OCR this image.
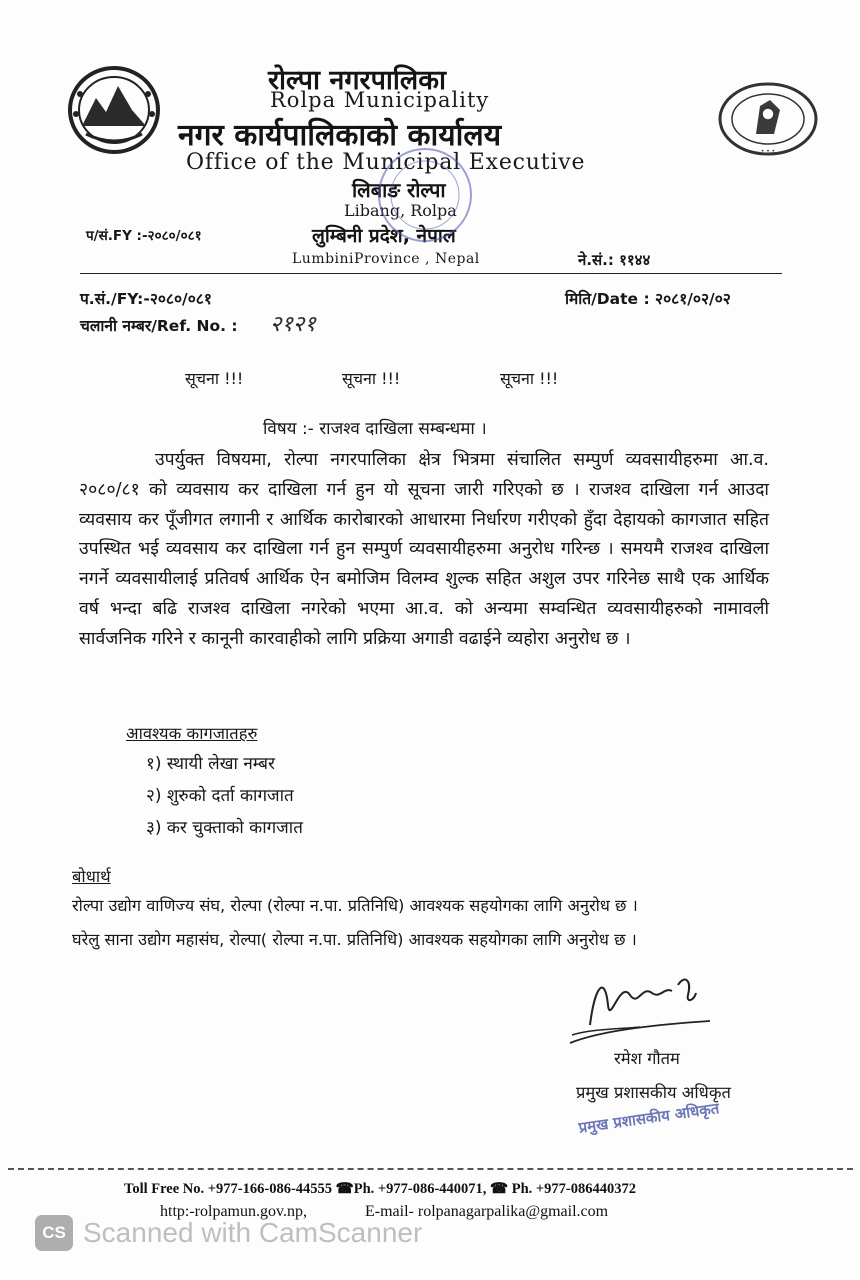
• • •
रोल्पा नगरपालिका
Rolpa Municipality
नगर कार्यपालिकाको कार्यालय
Office of the Municipal Executive
लिबाङ रोल्पा
Libang, Rolpa
प/सं.FY :-२०८०/०८१	लुम्बिनी प्रदेश, नेपाल
LumbiniProvince , Nepal	ने.सं.: ११४४
प.सं./FY:-२०८०/०८१	मिति/Date : २०८१/०२/०२
चलानी नम्बर/Ref. No. : २१२१
सूचना !!!	सूचना !!!	सूचना !!!
विषय :- राजश्व दाखिला सम्बन्धमा ।
उपर्युक्त विषयमा, रोल्पा नगरपालिका क्षेत्र भित्रमा संचालित सम्पुर्ण व्यवसायीहरुमा आ.व. २०८०/८१ को व्यवसाय कर दाखिला गर्न हुन यो सूचना जारी गरिएको छ । राजश्व दाखिला गर्न आउदा व्यवसाय कर पूँजीगत लगानी र आर्थिक कारोबारको आधारमा निर्धारण गरीएको हुँदा देहायको कागजात सहित उपस्थित भई व्यवसाय कर दाखिला गर्न हुन सम्पुर्ण व्यवसायीहरुमा अनुरोध गरिन्छ । समयमै राजश्व दाखिला नगर्ने व्यवसायीलाई प्रतिवर्ष आर्थिक ऐन बमोजिम विलम्व शुल्क सहित अशुल उपर गरिनेछ साथै एक आर्थिक वर्ष भन्दा बढि राजश्व दाखिला नगरेको भएमा आ.व. को अन्यमा सम्वन्धित व्यवसायीहरुको नामावली सार्वजनिक गरिने र कानूनी कारवाहीको लागि प्रक्रिया अगाडी वढाईने व्यहोरा अनुरोध छ ।
आवश्यक कागजातहरु
१) स्थायी लेखा नम्बर
२) शुरुको दर्ता कागजात
३) कर चुक्ताको कागजात
बोधार्थ
रोल्पा उद्योग वाणिज्य संघ, रोल्पा (रोल्पा न.पा. प्रतिनिधि) आवश्यक सहयोगका लागि अनुरोध छ ।
घरेलु साना उद्योग महासंघ, रोल्पा( रोल्पा न.पा. प्रतिनिधि) आवश्यक सहयोगका लागि अनुरोध छ ।
रमेश गौतम
प्रमुख प्रशासकीय अधिकृत
प्रमुख प्रशासकीय अधिकृत
Toll Free No. +977-166-086-44555 ☎Ph. +977-086-440071, ☎ Ph. +977-086440372
http:-rolpamun.gov.np,	E-mail- rolpanagarpalika@gmail.com
CS Scanned with CamScanner
